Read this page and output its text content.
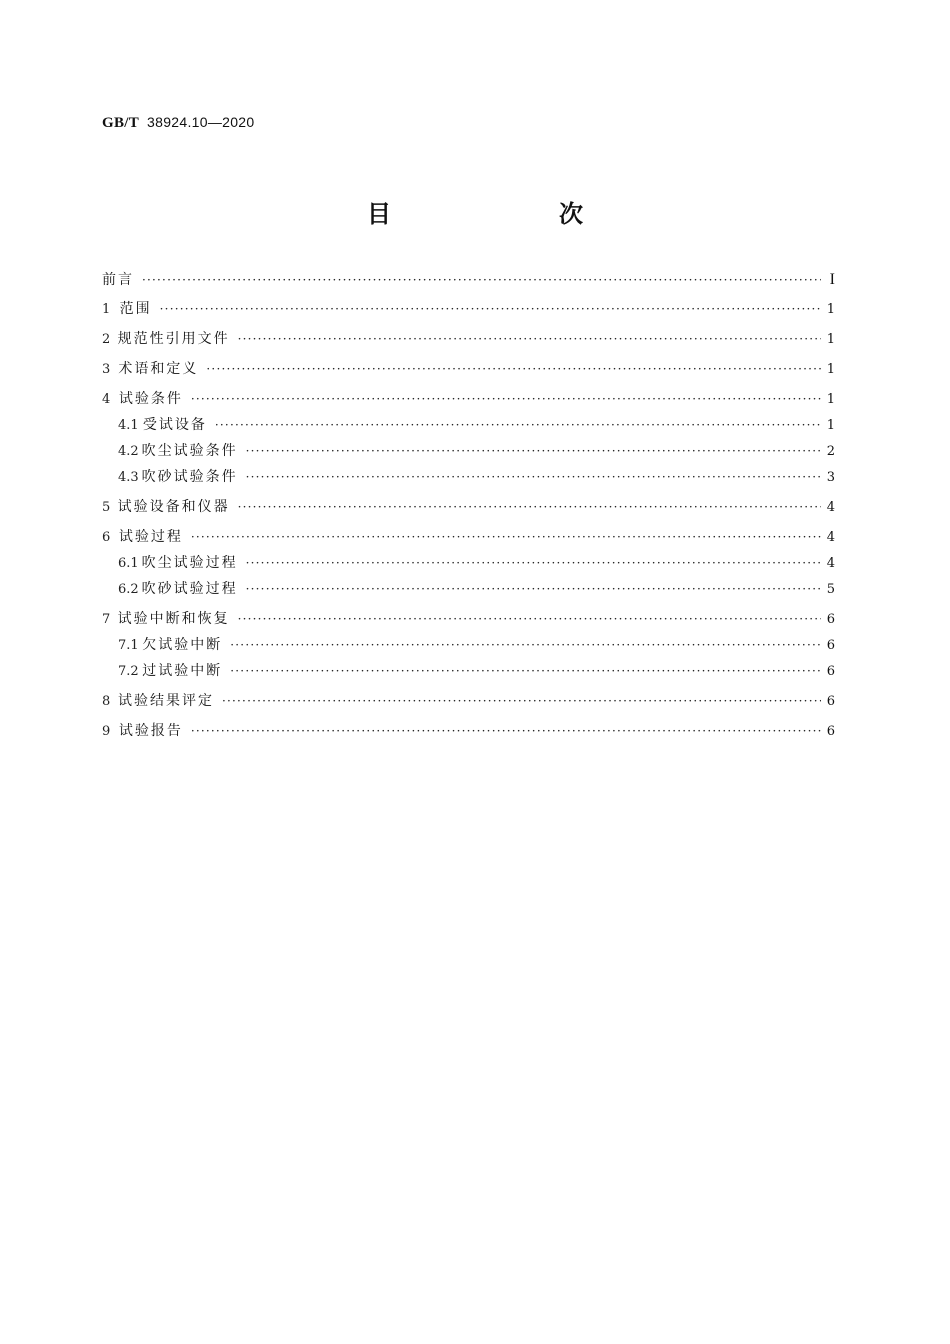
GB/T 38924.10—2020
目　　次
前言 ·····	I
1 范围 ·····	1
2 规范性引用文件 ·····	1
3 术语和定义 ·····	1
4 试验条件 ·····	1
4.1 受试设备 ·····	1
4.2 吹尘试验条件 ·····	2
4.3 吹砂试验条件 ·····	3
5 试验设备和仪器 ·····	4
6 试验过程 ·····	4
6.1 吹尘试验过程 ·····	4
6.2 吹砂试验过程 ·····	5
7 试验中断和恢复 ·····	6
7.1 欠试验中断 ·····	6
7.2 过试验中断 ·····	6
8 试验结果评定 ·····	6
9 试验报告 ·····	6
